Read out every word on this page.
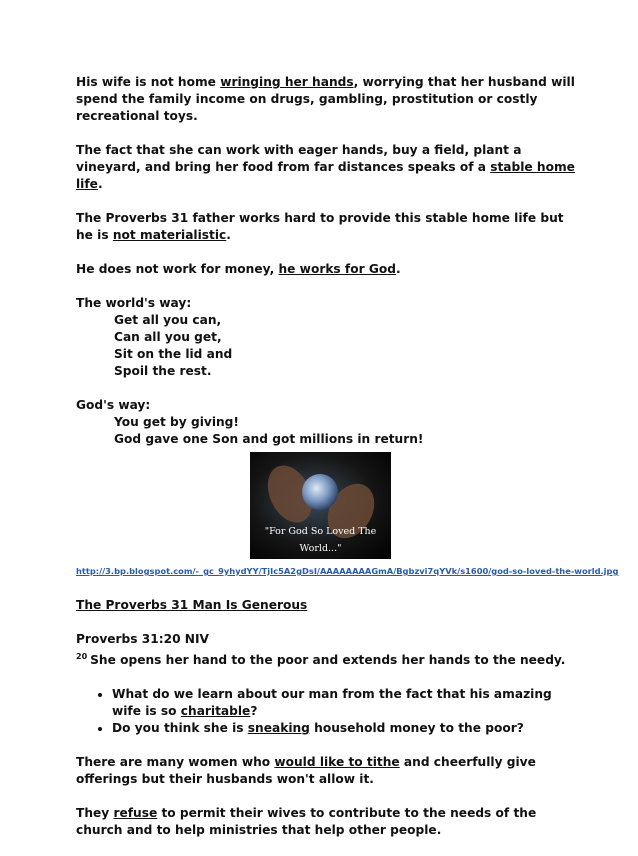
His wife is not home wringing her hands, worrying that her husband will spend the family income on drugs, gambling, prostitution or costly recreational toys.

The fact that she can work with eager hands, buy a field, plant a vineyard, and bring her food from far distances speaks of a stable home life.

The Proverbs 31 father works hard to provide this stable home life but he is not materialistic.

He does not work for money, he works for God.

The world's way:
Get all you can,
Can all you get,
Sit on the lid and
Spoil the rest.

God's way:
You get by giving!
God gave one Son and got millions in return!

"For God So Loved The World..."
http://3.bp.blogspot.com/-_gc_9yhydYY/TjIc5A2gDsI/AAAAAAAAGmA/Bgbzvi7qYVk/s1600/god-so-loved-the-world.jpg

The Proverbs 31 Man Is Generous

Proverbs 31:20 NIV
$^{20}$ She opens her hand to the poor and extends her hands to the needy.

• What do we learn about our man from the fact that his amazing wife is so charitable?
• Do you think she is sneaking household money to the poor?

There are many women who would like to tithe and cheerfully give offerings but their husbands won't allow it.

They refuse to permit their wives to contribute to the needs of the church and to help ministries that help other people.
